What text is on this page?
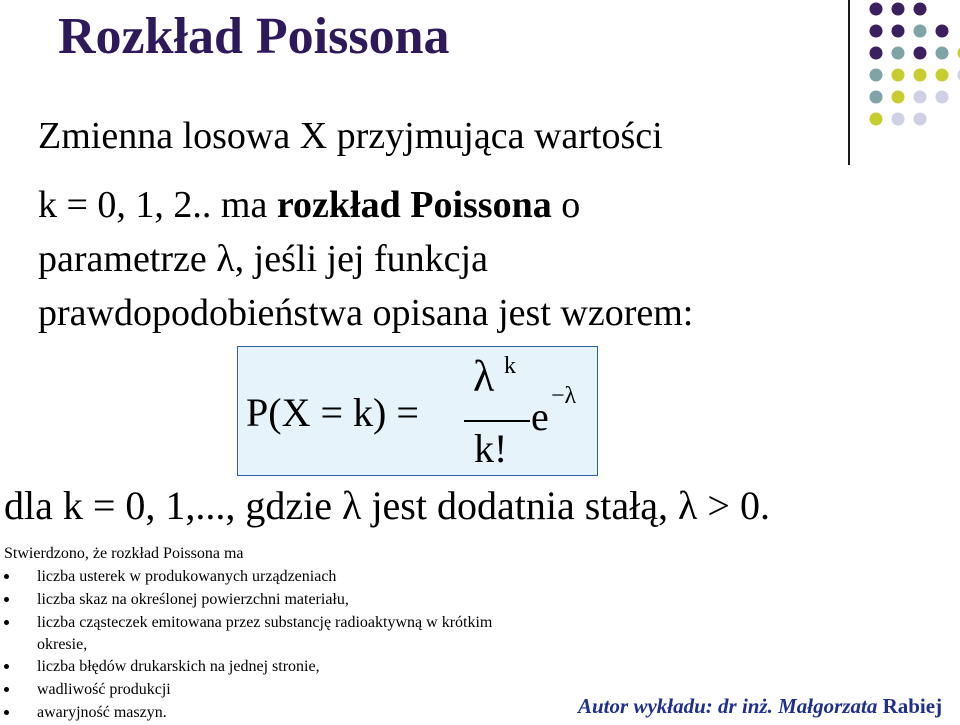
Rozkład Poissona
Zmienna losowa X przyjmująca wartości
k = 0, 1, 2.. ma rozkład Poissona o
parametrze λ, jeśli jej funkcja
prawdopodobieństwa opisana jest wzorem:
P(X = k) =
λ k
k!
e −λ
dla k = 0, 1,..., gdzie λ jest dodatnia stałą, λ > 0.
Stwierdzono, że rozkład Poissona ma
liczba usterek w produkowanych urządzeniach
liczba skaz na określonej powierzchni materiału,
liczba cząsteczek emitowana przez substancję radioaktywną w krótkim okresie,
liczba błędów drukarskich na jednej stronie,
wadliwość produkcji
awaryjność maszyn.	Autor wykładu: dr inż. Małgorzata Rabiej
